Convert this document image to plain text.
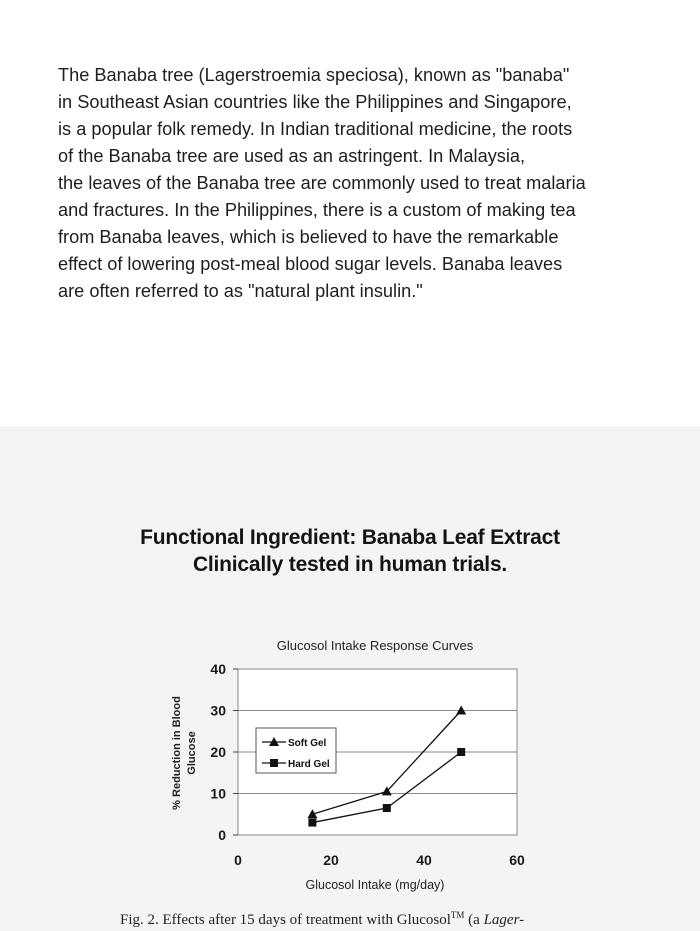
The Banaba tree (Lagerstroemia speciosa), known as "banaba"

in Southeast Asian countries like the Philippines and Singapore,

is a popular folk remedy. In Indian traditional medicine, the roots

of the Banaba tree are used as an astringent. In Malaysia,

the leaves of the Banaba tree are commonly used to treat malaria

and fractures. In the Philippines, there is a custom of making tea

from Banaba leaves, which is believed to have the remarkable

effect of lowering post-meal blood sugar levels. Banaba leaves

are often referred to as "natural plant insulin."

Functional Ingredient: Banaba Leaf Extract
Clinically tested in human trials.
0
10
20
30
40
0	20	40	60
Glucosol Intake Response Curves
Glucosol Intake (mg/day)
% Reduction in Blood Glucose	Soft Gel
Hard Gel
Fig. 2. Effects after 15 days of treatment with Glucosol™ (a Lager-
